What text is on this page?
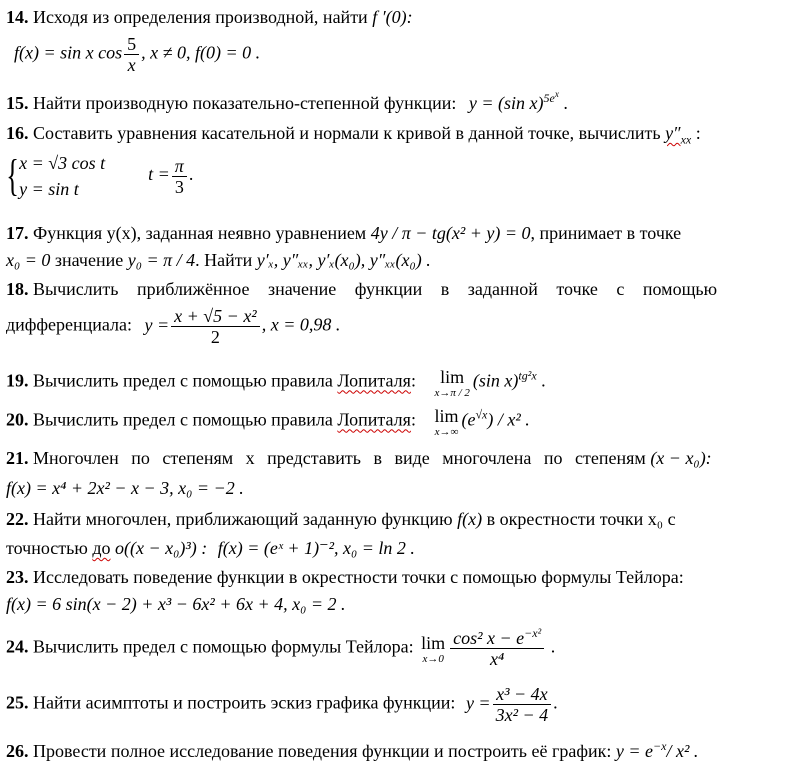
14. Исходя из определения производной, найти f ′(0):
f(x) = sin x $\cos \frac{5}{x}$ , x ≠ 0, f(0) = 0 .
15. Найти производную показательно-степенной функции: y = (sin x)$^{5e^x}$ .
16. Составить уравнения касательной и нормали к кривой в данной точке, вычислить $y''_{xx}$ :
{ x = √3 cos t
y = sin t
$t = \frac{\pi}{3}$ .
17. Функция y(x), заданная неявно уравнением 4y / π − tg(x² + y) = 0, принимает в точке
x₀ = 0 значение y₀ = π / 4. Найти y′ₓ, y″ₓₓ, y′ₓ(x₀), y″ₓₓ(x₀) .
18. Вычислить приближённое значение функции в заданной точке с помощью
дифференциала: $y = \frac{\text{x + √5 − x²}}{2}$ , x = 0,98 .
19. Вычислить предел с помощью правила Лопиталя:	lim
x→π / 2
(sin x)$^{tg^2x}$ .
20. Вычислить предел с помощью правила Лопиталя: lim
x→∞
$(e^{√x}) / x^2$ .
21. Многочлен по степеням x представить в виде многочлена по степеням (x − x₀):
f(x) = x⁴ + 2x² − x − 3, x₀ = −2 .
22. Найти многочлен, приближающий заданную функцию f(x) в окрестности точки x₀ с
точностью до o((x − x₀)³) : f(x) = (eˣ + 1)⁻², x₀ = ln 2 .
23. Исследовать поведение функции в окрестности точки с помощью формулы Тейлора:
f(x) = 6 sin(x − 2) + x³ − 6x² + 6x + 4, x₀ = 2 .
24. Вычислить предел с помощью формулы Тейлора: lim
$x\to 0 \frac{\cos^2 x - e^{-x^2}}{\text{x⁴}}$ .
25. Найти асимптоты и построить эскиз графика функции: $y = \frac{\text{x³ − 4x}}{\text{3x² − 4}}$ .
26. Провести полное исследование поведения функции и построить её график: $y = e^{-x}/$ x² .
